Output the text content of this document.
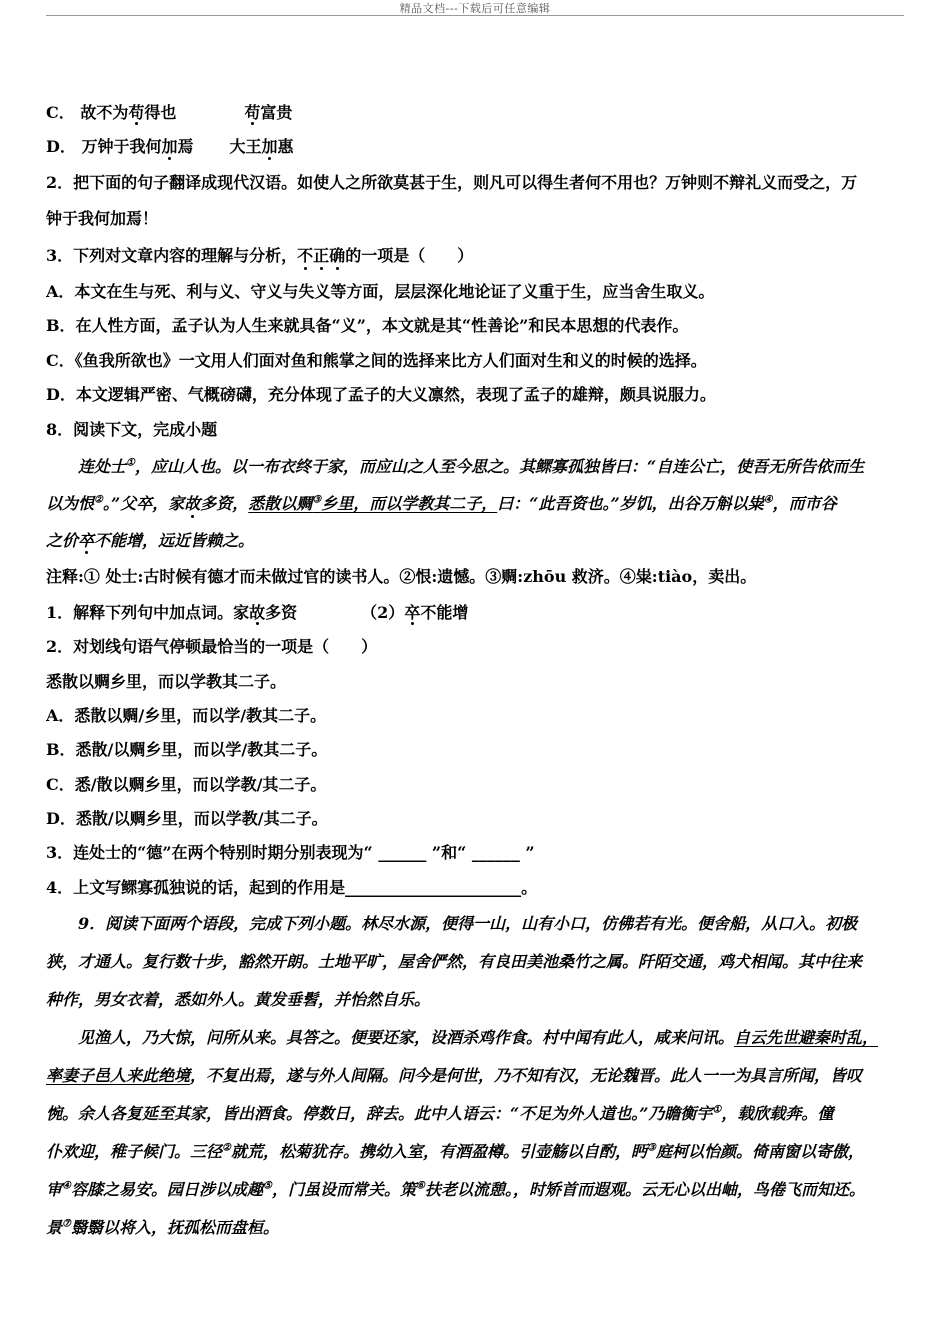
精品文档---下载后可任意编辑
C． 故不为苟得也	苟富贵
D． 万钟于我何加焉 大王加惠
2．把下面的句子翻译成现代汉语。如使人之所欲莫甚于生，则凡可以得生者何不用也？万钟则不辩礼义而受之，万
钟于我何加焉！
3．下列对文章内容的理解与分析，不正确的一项是（　　）
A．本文在生与死、利与义、守义与失义等方面，层层深化地论证了义重于生，应当舍生取义。
B．在人性方面，孟子认为人生来就具备“义”，本文就是其“性善论”和民本思想的代表作。
C．《鱼我所欲也》一文用人们面对鱼和熊掌之间的选择来比方人们面对生和义的时候的选择。
D．本文逻辑严密、气概磅礴，充分体现了孟子的大义凛然，表现了孟子的雄辩，颇具说服力。
8．阅读下文，完成小题
连处士①，应山人也。以一布衣终于家，而应山之人至今思之。其鳏寡孤独皆曰：“自连公亡，使吾无所告依而生
以为恨②。”父卒，家故多资，悉散以赒③乡里，而以学教其二子，曰：“此吾资也。”岁饥，出谷万斛以粜④，而市谷
之价卒不能增，远近皆赖之。
注释:① 处士:古时候有德才而未做过官的读书人。②恨:遗憾。③赒:zhōu 救济。④粜:tiào，卖出。
1．解释下列句中加点词。家故多资	（2）卒不能增
2．对划线句语气停顿最恰当的一项是（　　）
悉散以赒乡里，而以学教其二子。
A．悉散以赒/乡里，而以学/教其二子。
B．悉散/以赒乡里，而以学/教其二子。
C．悉/散以赒乡里，而以学教/其二子。
D．悉散/以赒乡里，而以学教/其二子。
3．连处士的“德”在两个特别时期分别表现为“ ______ ”和“ ______ ”
4．上文写鳏寡孤独说的话，起到的作用是______________________。
9．阅读下面两个语段，完成下列小题。林尽水源，便得一山，山有小口，仿佛若有光。便舍船，从口入。初极
狭，才通人。复行数十步，豁然开朗。土地平旷，屋舍俨然，有良田美池桑竹之属。阡陌交通，鸡犬相闻。其中往来
种作，男女衣着，悉如外人。黄发垂髫，并怡然自乐。
见渔人，乃大惊，问所从来。具答之。便要还家，设酒杀鸡作食。村中闻有此人，咸来问讯。自云先世避秦时乱，
率妻子邑人来此绝境，不复出焉，遂与外人间隔。问今是何世，乃不知有汉，无论魏晋。此人一一为具言所闻，皆叹
惋。余人各复延至其家，皆出酒食。停数日，辞去。此中人语云：“不足为外人道也。”乃瞻衡宇①，载欣载奔。僮
仆欢迎，稚子候门。三径②就荒，松菊犹存。携幼入室，有酒盈樽。引壶觞以自酌，眄③庭柯以怡颜。倚南窗以寄傲，
审④容膝之易安。园日涉以成趣⑤，门虽设而常关。策⑥扶老以流憩。，时矫首而遐观。云无心以出岫，鸟倦飞而知还。
景⑦翳翳以将入，抚孤松而盘桓。
